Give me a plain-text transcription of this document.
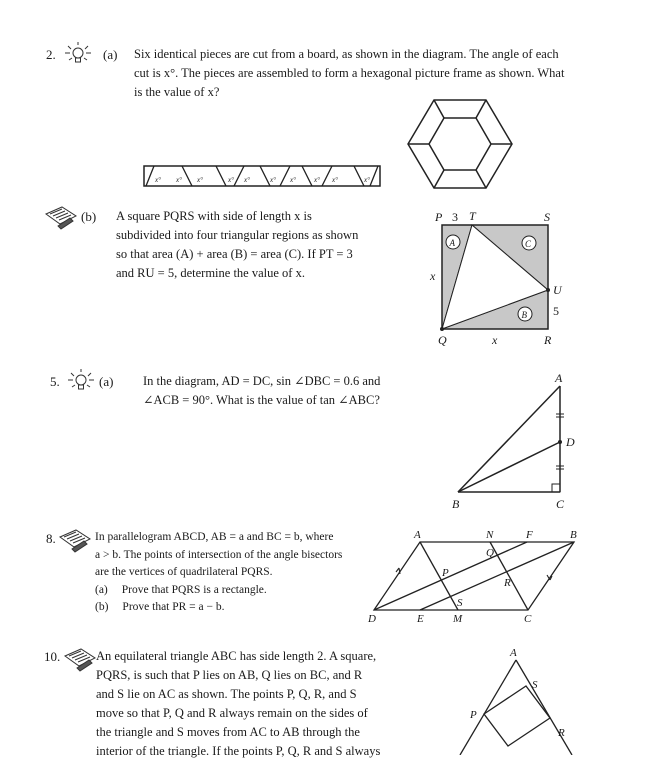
2.	(a) Six identical pieces are cut from a board, as shown in the diagram. The angle of each
cut is x°. The pieces are assembled to form a hexagonal picture frame as shown. What
is the value of x?
x° x° x°	x° x°	x° x°	x° x°	x°
(b) A square PQRS with side of length x is
subdivided into four triangular regions as shown
so that area (A) + area (B) = area (C). If PT = 3
and RU = 5, determine the value of x.
A	C
B
P T	S
x
U
Q	x	R
3
5
5.	(a) In the diagram, AD = DC, sin ∠DBC = 0.6 and
∠ACB = 90°. What is the value of tan ∠ABC?
A
D
B	C
8.	In parallelogram ABCD, AB = a and BC = b, where
a > b. The points of intersection of the angle bisectors
are the vertices of quadrilateral PQRS.
(a) Prove that PQRS is a rectangle.
(b) Prove that PR = a − b.
A	N	F	B
Q
P
R
S
D	E	M	C
10.	An equilateral triangle ABC has side length 2. A square,
PQRS, is such that P lies on AB, Q lies on BC, and R
and S lie on AC as shown. The points P, Q, R, and S
move so that P, Q and R always remain on the sides of
the triangle and S moves from AC to AB through the
interior of the triangle. If the points P, Q, R and S always
A
S
P
R
